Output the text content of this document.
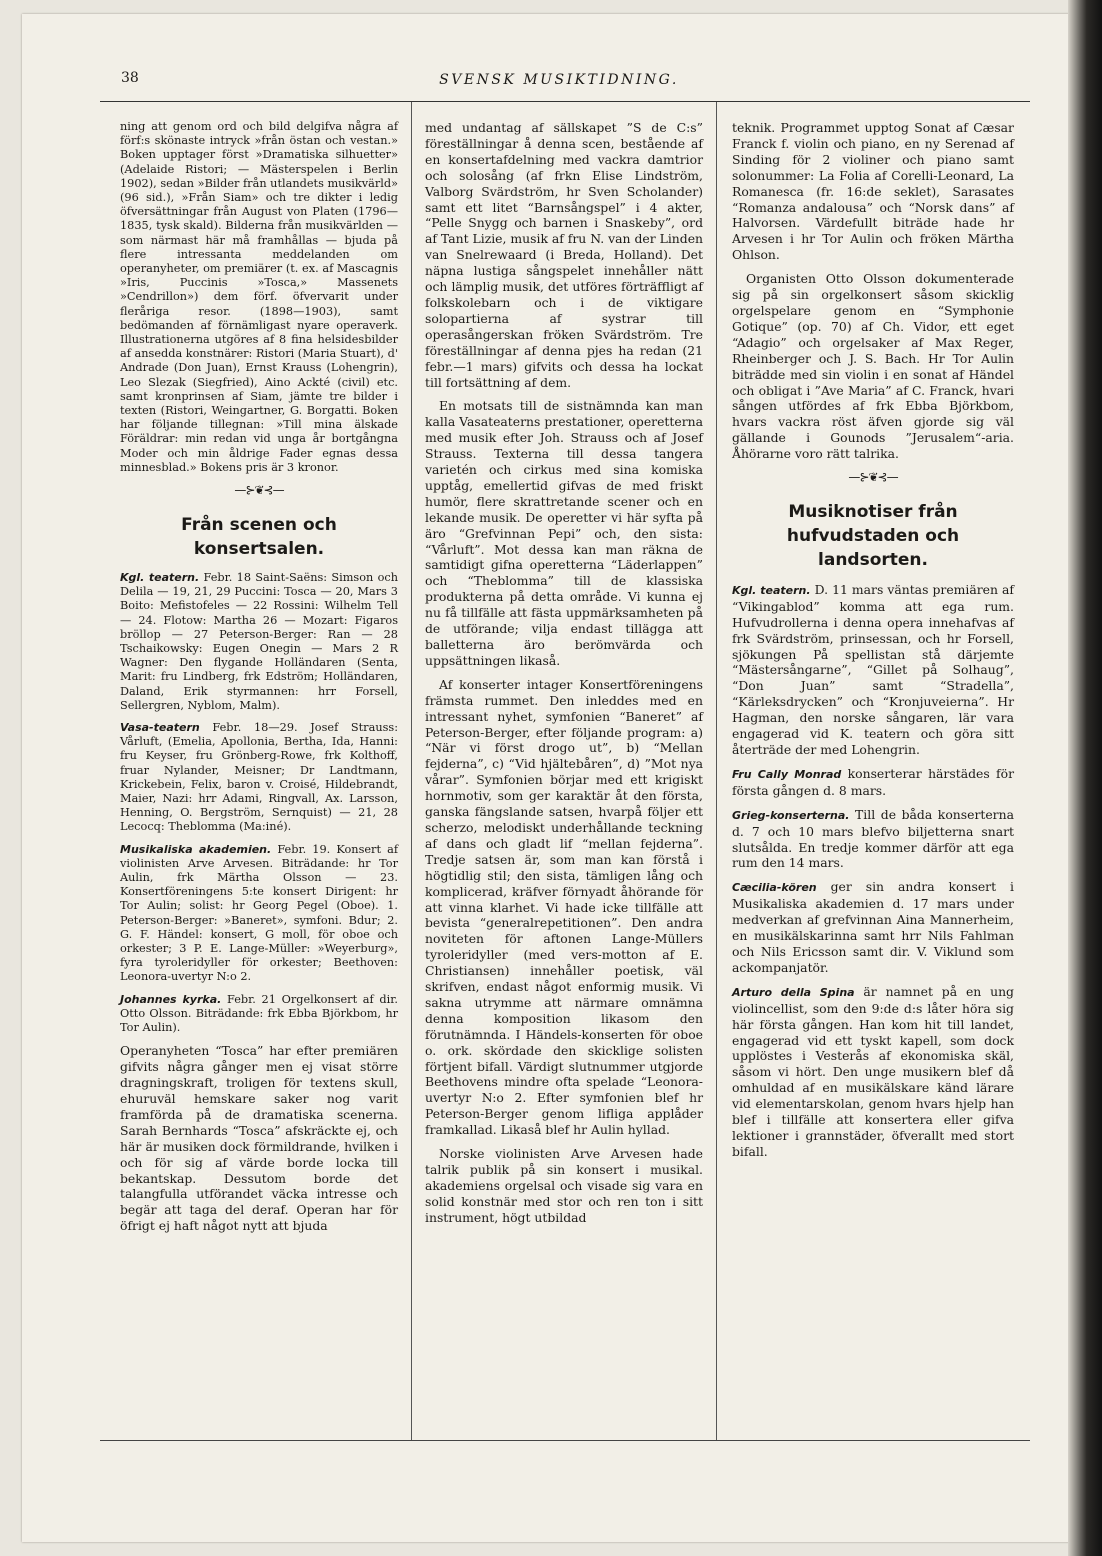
38	SVENSK MUSIKTIDNING.

ning att genom ord och bild delgifva några af förf:s skönaste intryck »från östan och vestan.» Boken upptager först »Dramatiska silhuetter» (Adelaide Ristori; — Mästerspelen i Berlin 1902), sedan »Bilder från utlandets musikvärld» (96 sid.), »Från Siam» och tre dikter i ledig öfversättningar från August von Platen (1796—1835, tysk skald). Bilderna från musikvärlden — som närmast här må framhållas — bjuda på flere intressanta meddelanden om operanyheter, om premiärer (t. ex. af Mascagnis »Iris, Puccinis »Tosca,» Massenets »Cendrillon») dem förf. öfvervarit under fleråriga resor. (1898—1903), samt bedömanden af förnämligast nyare operaverk. Illustrationerna utgöres af 8 fina helsidesbilder af ansedda konstnärer: Ristori (Maria Stuart), d' Andrade (Don Juan), Ernst Krauss (Lohengrin), Leo Slezak (Siegfried), Aino Ackté (civil) etc. samt kronprinsen af Siam, jämte tre bilder i texten (Ristori, Weingartner, G. Borgatti. Boken har följande tillegnan: »Till mina älskade Föräldrar: min redan vid unga år bortgångna Moder och min åldrige Fader egnas dessa minnesblad.» Bokens pris är 3 kronor.

—⊱❦⊰—
Från scenen och konsertsalen.

Kgl. teatern. Febr. 18 Saint-Saëns: Simson och Delila — 19, 21, 29 Puccini: Tosca — 20, Mars 3 Boito: Mefistofeles — 22 Rossini: Wilhelm Tell — 24. Flotow: Martha 26 — Mozart: Figaros bröllop — 27 Peterson-Berger: Ran — 28 Tschaikowsky: Eugen Onegin — Mars 2 R Wagner: Den flygande Holländaren (Senta, Marit: fru Lindberg, frk Edström; Holländaren, Daland, Erik styrmannen: hrr Forsell, Sellergren, Nyblom, Malm).

Vasa-teatern Febr. 18—29. Josef Strauss: Vårluft, (Emelia, Apollonia, Bertha, Ida, Hanni: fru Keyser, fru Grönberg-Rowe, frk Kolthoff, fruar Nylander, Meisner; Dr Landtmann, Krickebein, Felix, baron v. Croisé, Hildebrandt, Maier, Nazi: hrr Adami, Ringvall, Ax. Larsson, Henning, O. Bergström, Sernquist) — 21, 28 Lecocq: Theblomma (Ma:iné).

Musikaliska akademien. Febr. 19. Konsert af violinisten Arve Arvesen. Biträdande: hr Tor Aulin, frk Märtha Olsson — 23. Konsertföreningens 5:te konsert Dirigent: hr Tor Aulin; solist: hr Georg Pegel (Oboe). 1. Peterson-Berger: »Baneret», symfoni. Bdur; 2. G. F. Händel: konsert, G moll, för oboe och orkester; 3 P. E. Lange-Müller: »Weyerburg», fyra tyroleridyller för orkester; Beethoven: Leonora-uvertyr N:o 2.

Johannes kyrka. Febr. 21 Orgelkonsert af dir. Otto Olsson. Biträdande: frk Ebba Björkbom, hr Tor Aulin).

Operanyheten “Tosca” har efter premiären gifvits några gånger men ej visat större dragningskraft, troligen för textens skull, ehuruväl hemskare saker nog varit framförda på de dramatiska scenerna. Sarah Bernhards “Tosca” afskräckte ej, och här är musiken dock förmildrande, hvilken i och för sig af värde borde locka till bekantskap. Dessutom borde det talangfulla utförandet väcka intresse och begär att taga del deraf. Operan har för öfrigt ej haft något nytt att bjuda

med undantag af sällskapet ”S de C:s” föreställningar å denna scen, bestående af en konsertafdelning med vackra damtrior och solosång (af frkn Elise Lindström, Valborg Svärdström, hr Sven Scholander) samt ett litet “Barnsångspel” i 4 akter, “Pelle Snygg och barnen i Snaskeby”, ord af Tant Lizie, musik af fru N. van der Linden van Snelrewaard (i Breda, Holland). Det näpna lustiga sångspelet innehåller nätt och lämplig musik, det utföres förträffligt af folkskolebarn och i de viktigare solopartierna af systrar till operasångerskan fröken Svärdström. Tre föreställningar af denna pjes ha redan (21 febr.—1 mars) gifvits och dessa ha lockat till fortsättning af dem.

En motsats till de sistnämnda kan man kalla Vasateaterns prestationer, operetterna med musik efter Joh. Strauss och af Josef Strauss. Texterna till dessa tangera varietén och cirkus med sina komiska upptåg, emellertid gifvas de med friskt humör, flere skrattretande scener och en lekande musik. De operetter vi här syfta på äro “Grefvinnan Pepi” och, den sista: “Vårluft”. Mot dessa kan man räkna de samtidigt gifna operetterna “Läderlappen” och “Theblomma” till de klassiska produkterna på detta område. Vi kunna ej nu få tillfälle att fästa uppmärksamheten på de utförande; vilja endast tillägga att balletterna äro berömvärda och uppsättningen likaså.

Af konserter intager Konsertföreningens främsta rummet. Den inleddes med en intressant nyhet, symfonien “Baneret” af Peterson-Berger, efter följande program: a) “När vi först drogo ut”, b) “Mellan fejderna”, c) “Vid hjältebåren”, d) ”Mot nya vårar”. Symfonien börjar med ett krigiskt hornmotiv, som ger karaktär åt den första, ganska fängslande satsen, hvarpå följer ett scherzo, melodiskt underhållande teckning af dans och gladt lif “mellan fejderna”. Tredje satsen är, som man kan förstå i högtidlig stil; den sista, tämligen lång och komplicerad, kräfver förnyadt åhörande för att vinna klarhet. Vi hade icke tillfälle att bevista “generalrepetitionen”. Den andra noviteten för aftonen Lange-Müllers tyroleridyller (med vers-motton af E. Christiansen) innehåller poetisk, väl skrifven, endast något enformig musik. Vi sakna utrymme att närmare omnämna denna komposition likasom den förutnämnda. I Händels-konserten för oboe o. ork. skördade den skicklige solisten förtjent bifall. Värdigt slutnummer utgjorde Beethovens mindre ofta spelade “Leonora-uvertyr N:o 2. Efter symfonien blef hr Peterson-Berger genom lifliga applåder framkallad. Likaså blef hr Aulin hyllad.

Norske violinisten Arve Arvesen hade talrik publik på sin konsert i musikal. akademiens orgelsal och visade sig vara en solid konstnär med stor och ren ton i sitt instrument, högt utbildad

teknik. Programmet upptog Sonat af Cæsar Franck f. violin och piano, en ny Serenad af Sinding för 2 violiner och piano samt solonummer: La Folia af Corelli-Leonard, La Romanesca (fr. 16:de seklet), Sarasates “Romanza andalousa” och “Norsk dans” af Halvorsen. Värdefullt biträde hade hr Arvesen i hr Tor Aulin och fröken Märtha Ohlson.

Organisten Otto Olsson dokumenterade sig på sin orgelkonsert såsom skicklig orgelspelare genom en “Symphonie Gotique” (op. 70) af Ch. Vidor, ett eget “Adagio” och orgelsaker af Max Reger, Rheinberger och J. S. Bach. Hr Tor Aulin biträdde med sin violin i en sonat af Händel och obligat i ”Ave Maria” af C. Franck, hvari sången utfördes af frk Ebba Björkbom, hvars vackra röst äfven gjorde sig väl gällande i Gounods ”Jerusalem“-aria. Åhörarne voro rätt talrika.

—⊱❦⊰—
Musiknotiser från hufvudstaden och landsorten.

Kgl. teatern. D. 11 mars väntas premiären af “Vikingablod” komma att ega rum. Hufvudrollerna i denna opera innehafvas af frk Svärdström, prinsessan, och hr Forsell, sjökungen På spellistan stå därjemte “Mästersångarne”, “Gillet på Solhaug”, “Don Juan” samt “Stradella”, “Kärleksdrycken” och “Kronjuveierna”. Hr Hagman, den norske sångaren, lär vara engagerad vid K. teatern och göra sitt återträde der med Lohengrin.

Fru Cally Monrad konserterar härstädes för första gången d. 8 mars.

Grieg-konserterna. Till de båda konserterna d. 7 och 10 mars blefvo biljetterna snart slutsålda. En tredje kommer därför att ega rum den 14 mars.

Cæcilia-kören ger sin andra konsert i Musikaliska akademien d. 17 mars under medverkan af grefvinnan Aina Mannerheim, en musikälskarinna samt hrr Nils Fahlman och Nils Ericsson samt dir. V. Viklund som ackompanjatör.

Arturo della Spina är namnet på en ung violincellist, som den 9:de d:s låter höra sig här första gången. Han kom hit till landet, engagerad vid ett tyskt kapell, som dock upplöstes i Vesterås af ekonomiska skäl, såsom vi hört. Den unge musikern blef då omhuldad af en musikälskare känd lärare vid elementarskolan, genom hvars hjelp han blef i tillfälle att konsertera eller gifva lektioner i grannstäder, öfverallt med stort bifall.
